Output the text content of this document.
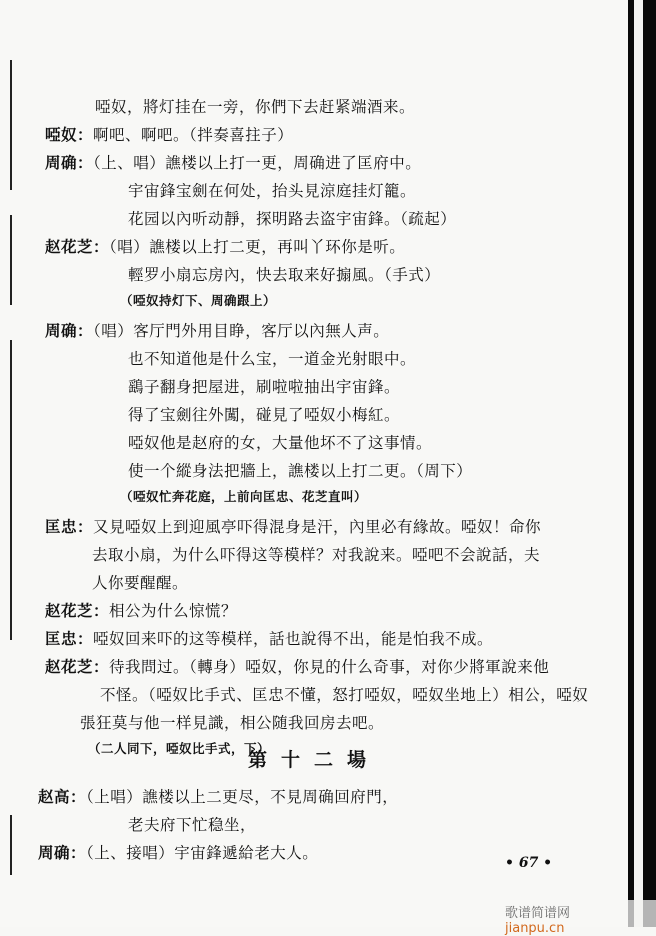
啞奴，將灯挂在一旁，你們下去赶紧端酒来。
啞奴：啊吧、啊吧。（拌奏喜拄子）
周确：（上、唱）譙楼以上打一更，周确进了匡府中。
宇宙鋒宝劍在何处，抬头見涼庭挂灯籠。
花园以內听动靜，探明路去盗宇宙鋒。（疏起）
赵花芝：（唱）譙楼以上打二更，再叫丫环你是听。
輕罗小扇忘房內，快去取来好搧風。（手式）
（啞奴持灯下、周确跟上）
周确：（唱）客厅門外用目睁，客厅以內無人声。
也不知道他是什么宝，一道金光射眼中。
鷂子翻身把屋进，刷啦啦抽出宇宙鋒。
得了宝劍往外闖，碰見了啞奴小梅紅。
啞奴他是赵府的女，大量他坏不了这事情。
使一个縱身法把牆上，譙楼以上打二更。（周下）
（啞奴忙奔花庭，上前向匡忠、花芝直叫）
匡忠：又見啞奴上到迎風亭吓得混身是汗，內里必有緣故。啞奴！命你
去取小扇，为什么吓得这等模样？对我說来。啞吧不会說話，夫
人你要醒醒。
赵花芝：相公为什么惊慌？
匡忠：啞奴回来吓的这等模样，話也說得不出，能是怕我不成。
赵花芝：待我問过。（轉身）啞奴，你見的什么奇事，对你少將軍說来他
不怪。（啞奴比手式、匡忠不懂，怒打啞奴，啞奴坐地上）相公，啞奴
張狂莫与他一样見識，相公随我回房去吧。
（二人同下，啞奴比手式，下）
第十二場
赵高：（上唱）譙楼以上二更尽，不見周确回府門，
老夫府下忙稳坐，
周确：（上、接唱）宇宙鋒遞給老大人。
• 67 •
歌谱简谱网 jianpu.cn
